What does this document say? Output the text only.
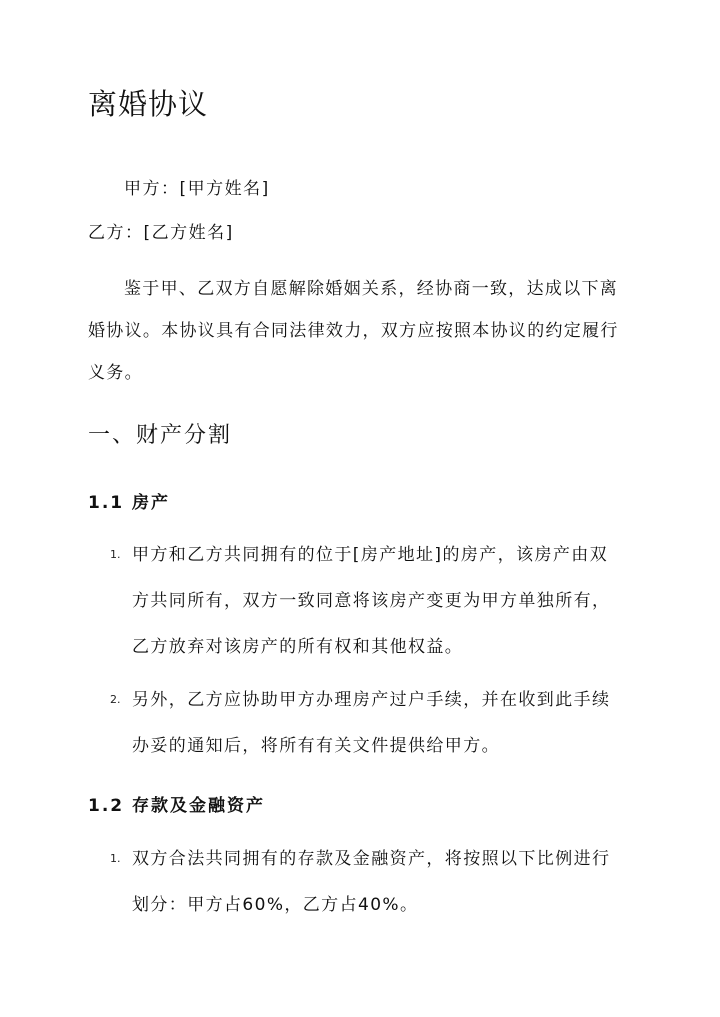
离婚协议
甲方：[甲方姓名]
乙方：[乙方姓名]

鉴于甲、乙双方自愿解除婚姻关系，经协商一致，达成以下离婚协议。本协议具有合同法律效力，双方应按照本协议的约定履行义务。

一、财产分割
1.1 房产
1. 甲方和乙方共同拥有的位于[房产地址]的房产，该房产由双方共同所有，双方一致同意将该房产变更为甲方单独所有，乙方放弃对该房产的所有权和其他权益。
2. 另外，乙方应协助甲方办理房产过户手续，并在收到此手续办妥的通知后，将所有有关文件提供给甲方。
1.2 存款及金融资产
1. 双方合法共同拥有的存款及金融资产，将按照以下比例进行划分：甲方占60%，乙方占40%。
